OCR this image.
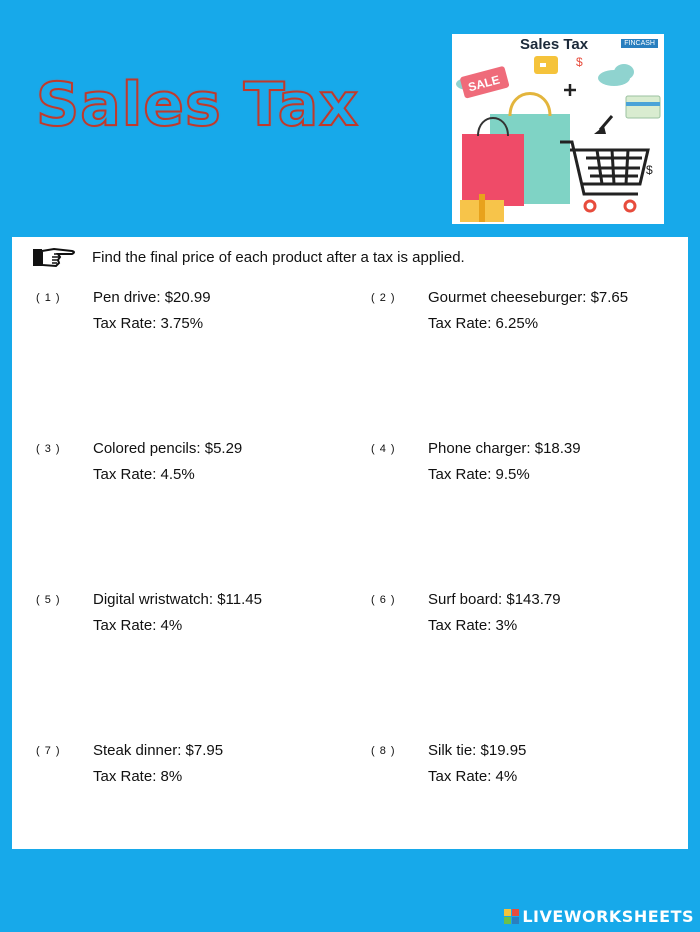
Sales Tax
Sales Tax	FINCASH
$
SALE
$
Find the final price of each product after a tax is applied.
( 1 ) Pen drive: $20.99
Tax Rate: 3.75%
( 2 ) Gourmet cheeseburger: $7.65
Tax Rate: 6.25%
( 3 ) Colored pencils: $5.29
Tax Rate: 4.5%
( 4 ) Phone charger: $18.39
Tax Rate: 9.5%
( 5 ) Digital wristwatch: $11.45
Tax Rate: 4%
( 6 ) Surf board: $143.79
Tax Rate: 3%
( 7 ) Steak dinner: $7.95
Tax Rate: 8%
( 8 ) Silk tie: $19.95
Tax Rate: 4%
LIVEWORKSHEETS
